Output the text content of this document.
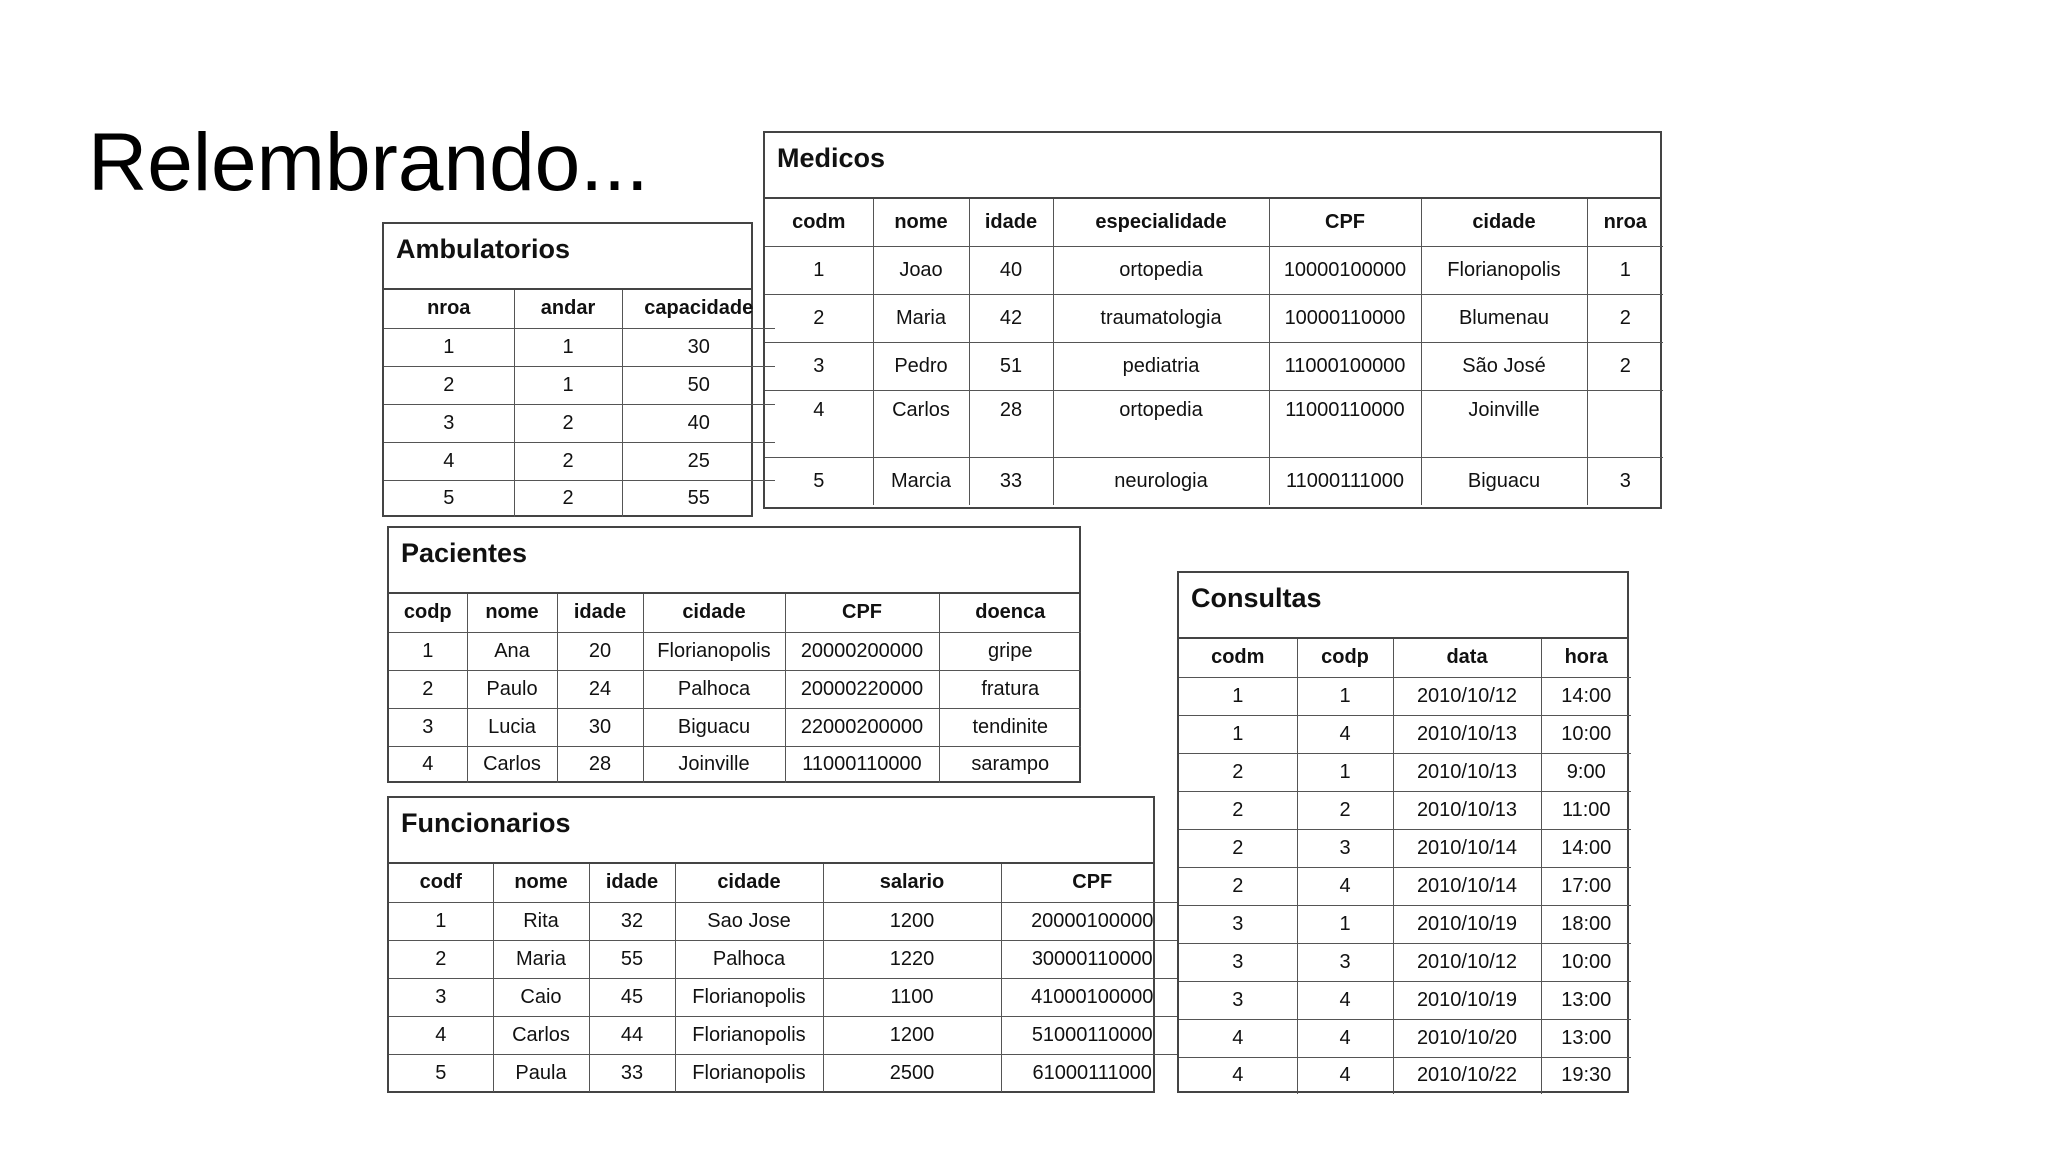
Relembrando...	Medicos
codm	nome	idade	especialidade	CPF	cidade	nroa
1	Joao	40	ortopedia	10000100000	Florianopolis	1
2	Maria	42	traumatologia	10000110000	Blumenau	2
3	Pedro	51	pediatria	11000100000	São José	2
4	Carlos	28	ortopedia	11000110000	Joinville	
5	Marcia	33	neurologia	11000111000	Biguacu	3
Ambulatorios
nroa	andar	capacidade
1	1	30
2	1	50
3	2	40
4	2	25
5	2	55
Pacientes
codp	nome	idade	cidade	CPF	doenca
1	Ana	20	Florianopolis	20000200000	gripe
2	Paulo	24	Palhoca	20000220000	fratura
3	Lucia	30	Biguacu	22000200000	tendinite
4	Carlos	28	Joinville	11000110000	sarampo
Funcionarios
codf	nome	idade	cidade	salario	CPF
1	Rita	32	Sao Jose	1200	20000100000
2	Maria	55	Palhoca	1220	30000110000
3	Caio	45	Florianopolis	1100	41000100000
4	Carlos	44	Florianopolis	1200	51000110000
5	Paula	33	Florianopolis	2500	61000111000
Consultas
codm	codp	data	hora
1	1	2010/10/12	14:00
1	4	2010/10/13	10:00
2	1	2010/10/13	9:00
2	2	2010/10/13	11:00
2	3	2010/10/14	14:00
2	4	2010/10/14	17:00
3	1	2010/10/19	18:00
3	3	2010/10/12	10:00
3	4	2010/10/19	13:00
4	4	2010/10/20	13:00
4	4	2010/10/22	19:30
